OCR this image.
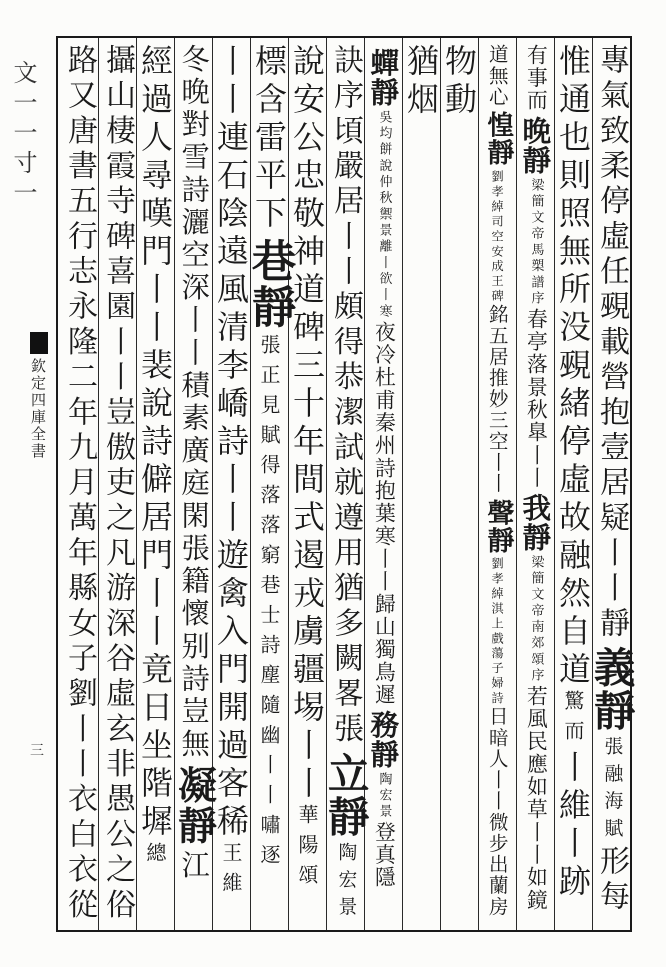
文一一寸一
欽定四庫全書
三
專氣致柔停虛任覡載營抱壹居疑丨丨靜
義靜
張融海賦
形每
惟通也則照無所没覡緒停虛故融然自道
驚而
丨維丨跡
有事而
晚靜
梁簡文帝馬槊譜序
春亭落景秋臯丨丨
我靜
梁簡文帝南郊頌序
若風民應如草丨丨如鏡
道無心
惶靜
劉孝綽司空安成王碑
銘五居推妙三空丨丨
聲靜
劉孝綽淇上戲蕩子婦詩
日暗人丨丨微步出蘭房
物動
猶烟
蟬靜
吳均餅說仲秋禦景離丨欲丨寒
夜冷杜甫秦州詩抱葉寒丨丨歸山獨鳥遲
務靜
陶宏景
登真隱
訣序頃嚴居丨丨頗得恭潔試就遵用猶多闕畧張
立靜
陶宏景
說安公忠敬神道碑三十年間式遏戎虜疆埸丨丨
華陽頌
標含雷平下
巷靜
張正見賦得落落窮巷士詩塵隨幽丨丨嘯逐
丨丨連石陰
遠風清李嶠詩丨丨遊禽入門開過客稀
王維
冬晚對雪詩灑空深丨丨積素廣庭閑張籍懷别詩豈無
凝靜
江
經過人尋嘆門丨丨裴說詩僻居門丨丨竟日坐階墀
總
攝山棲霞寺碑喜園丨丨豈傲吏之凡游深谷虛玄非愚公之俗
路又唐書五行志永隆二年九月萬年縣女子劉丨丨衣白衣從
